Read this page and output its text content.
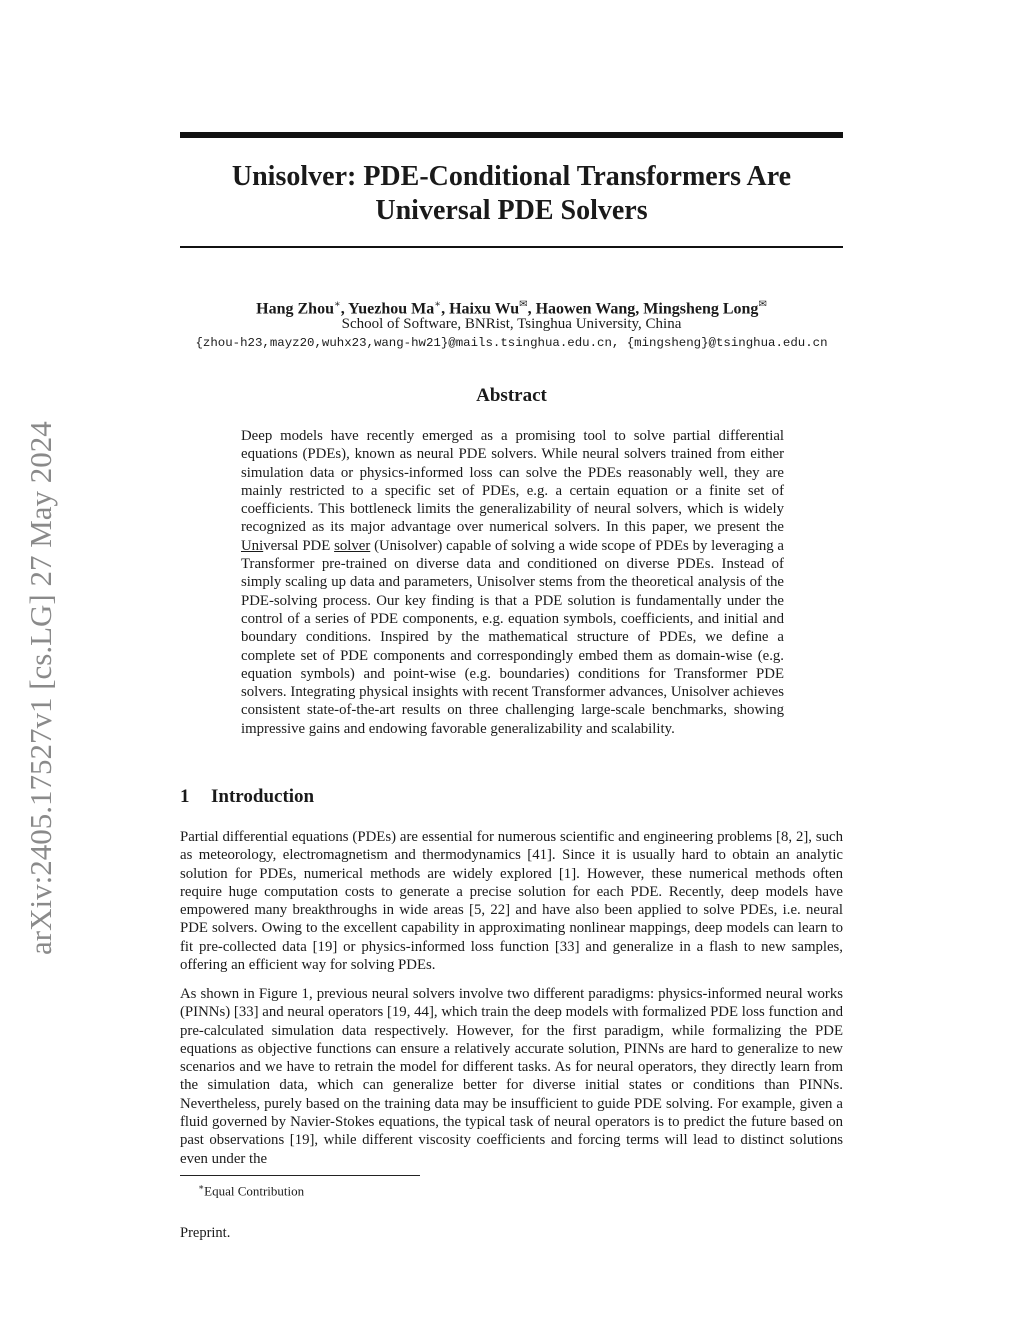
arXiv:2405.17527v1 [cs.LG] 27 May 2024
Unisolver: PDE-Conditional Transformers Are
Universal PDE Solvers
Hang Zhou∗, Yuezhou Ma∗, Haixu Wu✉, Haowen Wang, Mingsheng Long✉
School of Software, BNRist, Tsinghua University, China
{zhou-h23,mayz20,wuhx23,wang-hw21}@mails.tsinghua.edu.cn, {mingsheng}@tsinghua.edu.cn
Abstract
Deep models have recently emerged as a promising tool to solve partial differential equations (PDEs), known as neural PDE solvers. While neural solvers trained from either simulation data or physics-informed loss can solve the PDEs reasonably well, they are mainly restricted to a specific set of PDEs, e.g. a certain equation or a finite set of coefficients. This bottleneck limits the generalizability of neural solvers, which is widely recognized as its major advantage over numerical solvers. In this paper, we present the Universal PDE solver (Unisolver) capable of solving a wide scope of PDEs by leveraging a Transformer pre-trained on diverse data and conditioned on diverse PDEs. Instead of simply scaling up data and parameters, Unisolver stems from the theoretical analysis of the PDE-solving process. Our key finding is that a PDE solution is fundamentally under the control of a series of PDE components, e.g. equation symbols, coefficients, and initial and boundary conditions. Inspired by the mathematical structure of PDEs, we define a complete set of PDE components and correspondingly embed them as domain-wise (e.g. equation symbols) and point-wise (e.g. boundaries) conditions for Transformer PDE solvers. Integrating physical insights with recent Transformer advances, Unisolver achieves consistent state-of-the-art results on three challenging large-scale benchmarks, showing impressive gains and endowing favorable generalizability and scalability.
1 Introduction
Partial differential equations (PDEs) are essential for numerous scientific and engineering problems [8, 2], such as meteorology, electromagnetism and thermodynamics [41]. Since it is usually hard to obtain an analytic solution for PDEs, numerical methods are widely explored [1]. However, these numerical methods often require huge computation costs to generate a precise solution for each PDE. Recently, deep models have empowered many breakthroughs in wide areas [5, 22] and have also been applied to solve PDEs, i.e. neural PDE solvers. Owing to the excellent capability in approximating nonlinear mappings, deep models can learn to fit pre-collected data [19] or physics-informed loss function [33] and generalize in a flash to new samples, offering an efficient way for solving PDEs.
As shown in Figure 1, previous neural solvers involve two different paradigms: physics-informed neural works (PINNs) [33] and neural operators [19, 44], which train the deep models with formalized PDE loss function and pre-calculated simulation data respectively. However, for the first paradigm, while formalizing the PDE equations as objective functions can ensure a relatively accurate solution, PINNs are hard to generalize to new scenarios and we have to retrain the model for different tasks. As for neural operators, they directly learn from the simulation data, which can generalize better for diverse initial states or conditions than PINNs. Nevertheless, purely based on the training data may be insufficient to guide PDE solving. For example, given a fluid governed by Navier-Stokes equations, the typical task of neural operators is to predict the future based on past observations [19], while different viscosity coefficients and forcing terms will lead to distinct solutions even under the
∗Equal Contribution
Preprint.
